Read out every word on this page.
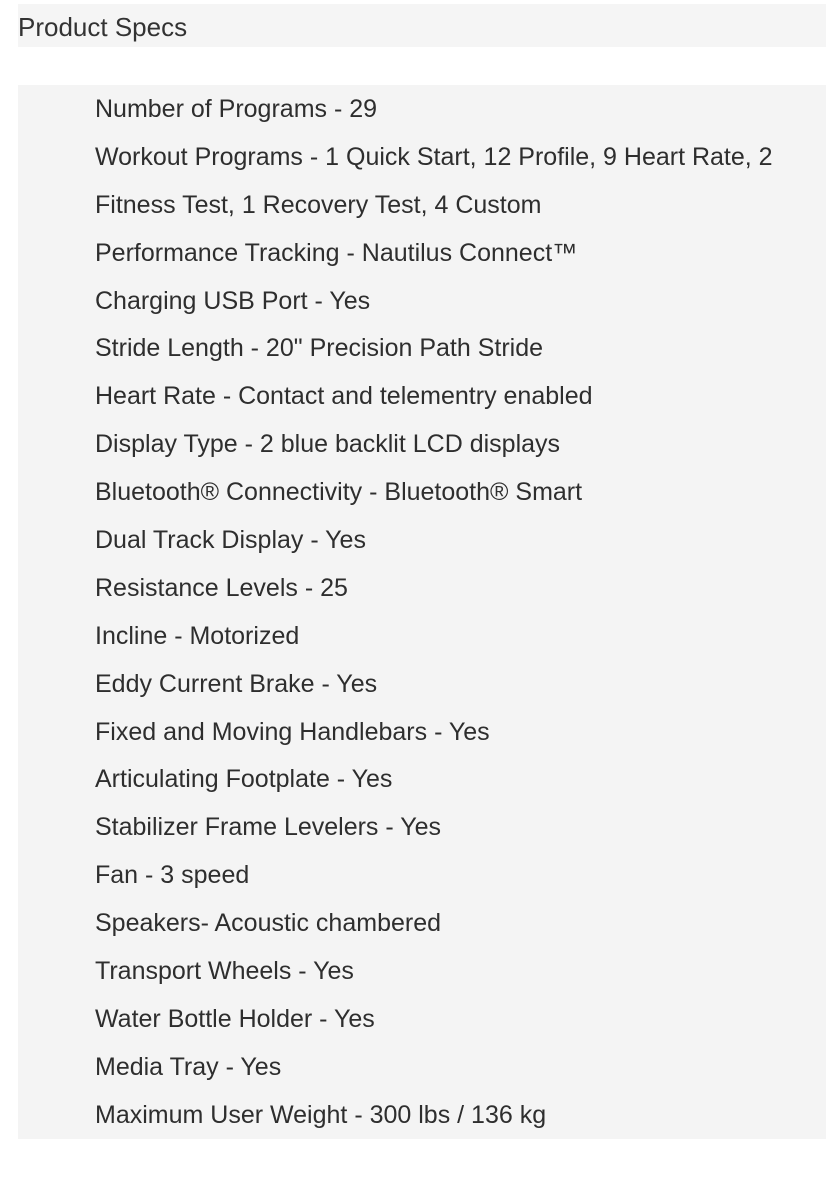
Product Specs
Number of Programs - 29
Workout Programs - 1 Quick Start, 12 Profile, 9 Heart Rate, 2
Fitness Test, 1 Recovery Test, 4 Custom
Performance Tracking - Nautilus Connect™
Charging USB Port - Yes
Stride Length - 20" Precision Path Stride
Heart Rate - Contact and telementry enabled
Display Type - 2 blue backlit LCD displays
Bluetooth® Connectivity - Bluetooth® Smart
Dual Track Display - Yes
Resistance Levels - 25
Incline - Motorized
Eddy Current Brake - Yes
Fixed and Moving Handlebars - Yes
Articulating Footplate - Yes
Stabilizer Frame Levelers - Yes
Fan - 3 speed
Speakers- Acoustic chambered
Transport Wheels - Yes
Water Bottle Holder - Yes
Media Tray - Yes
Maximum User Weight - 300 lbs / 136 kg
